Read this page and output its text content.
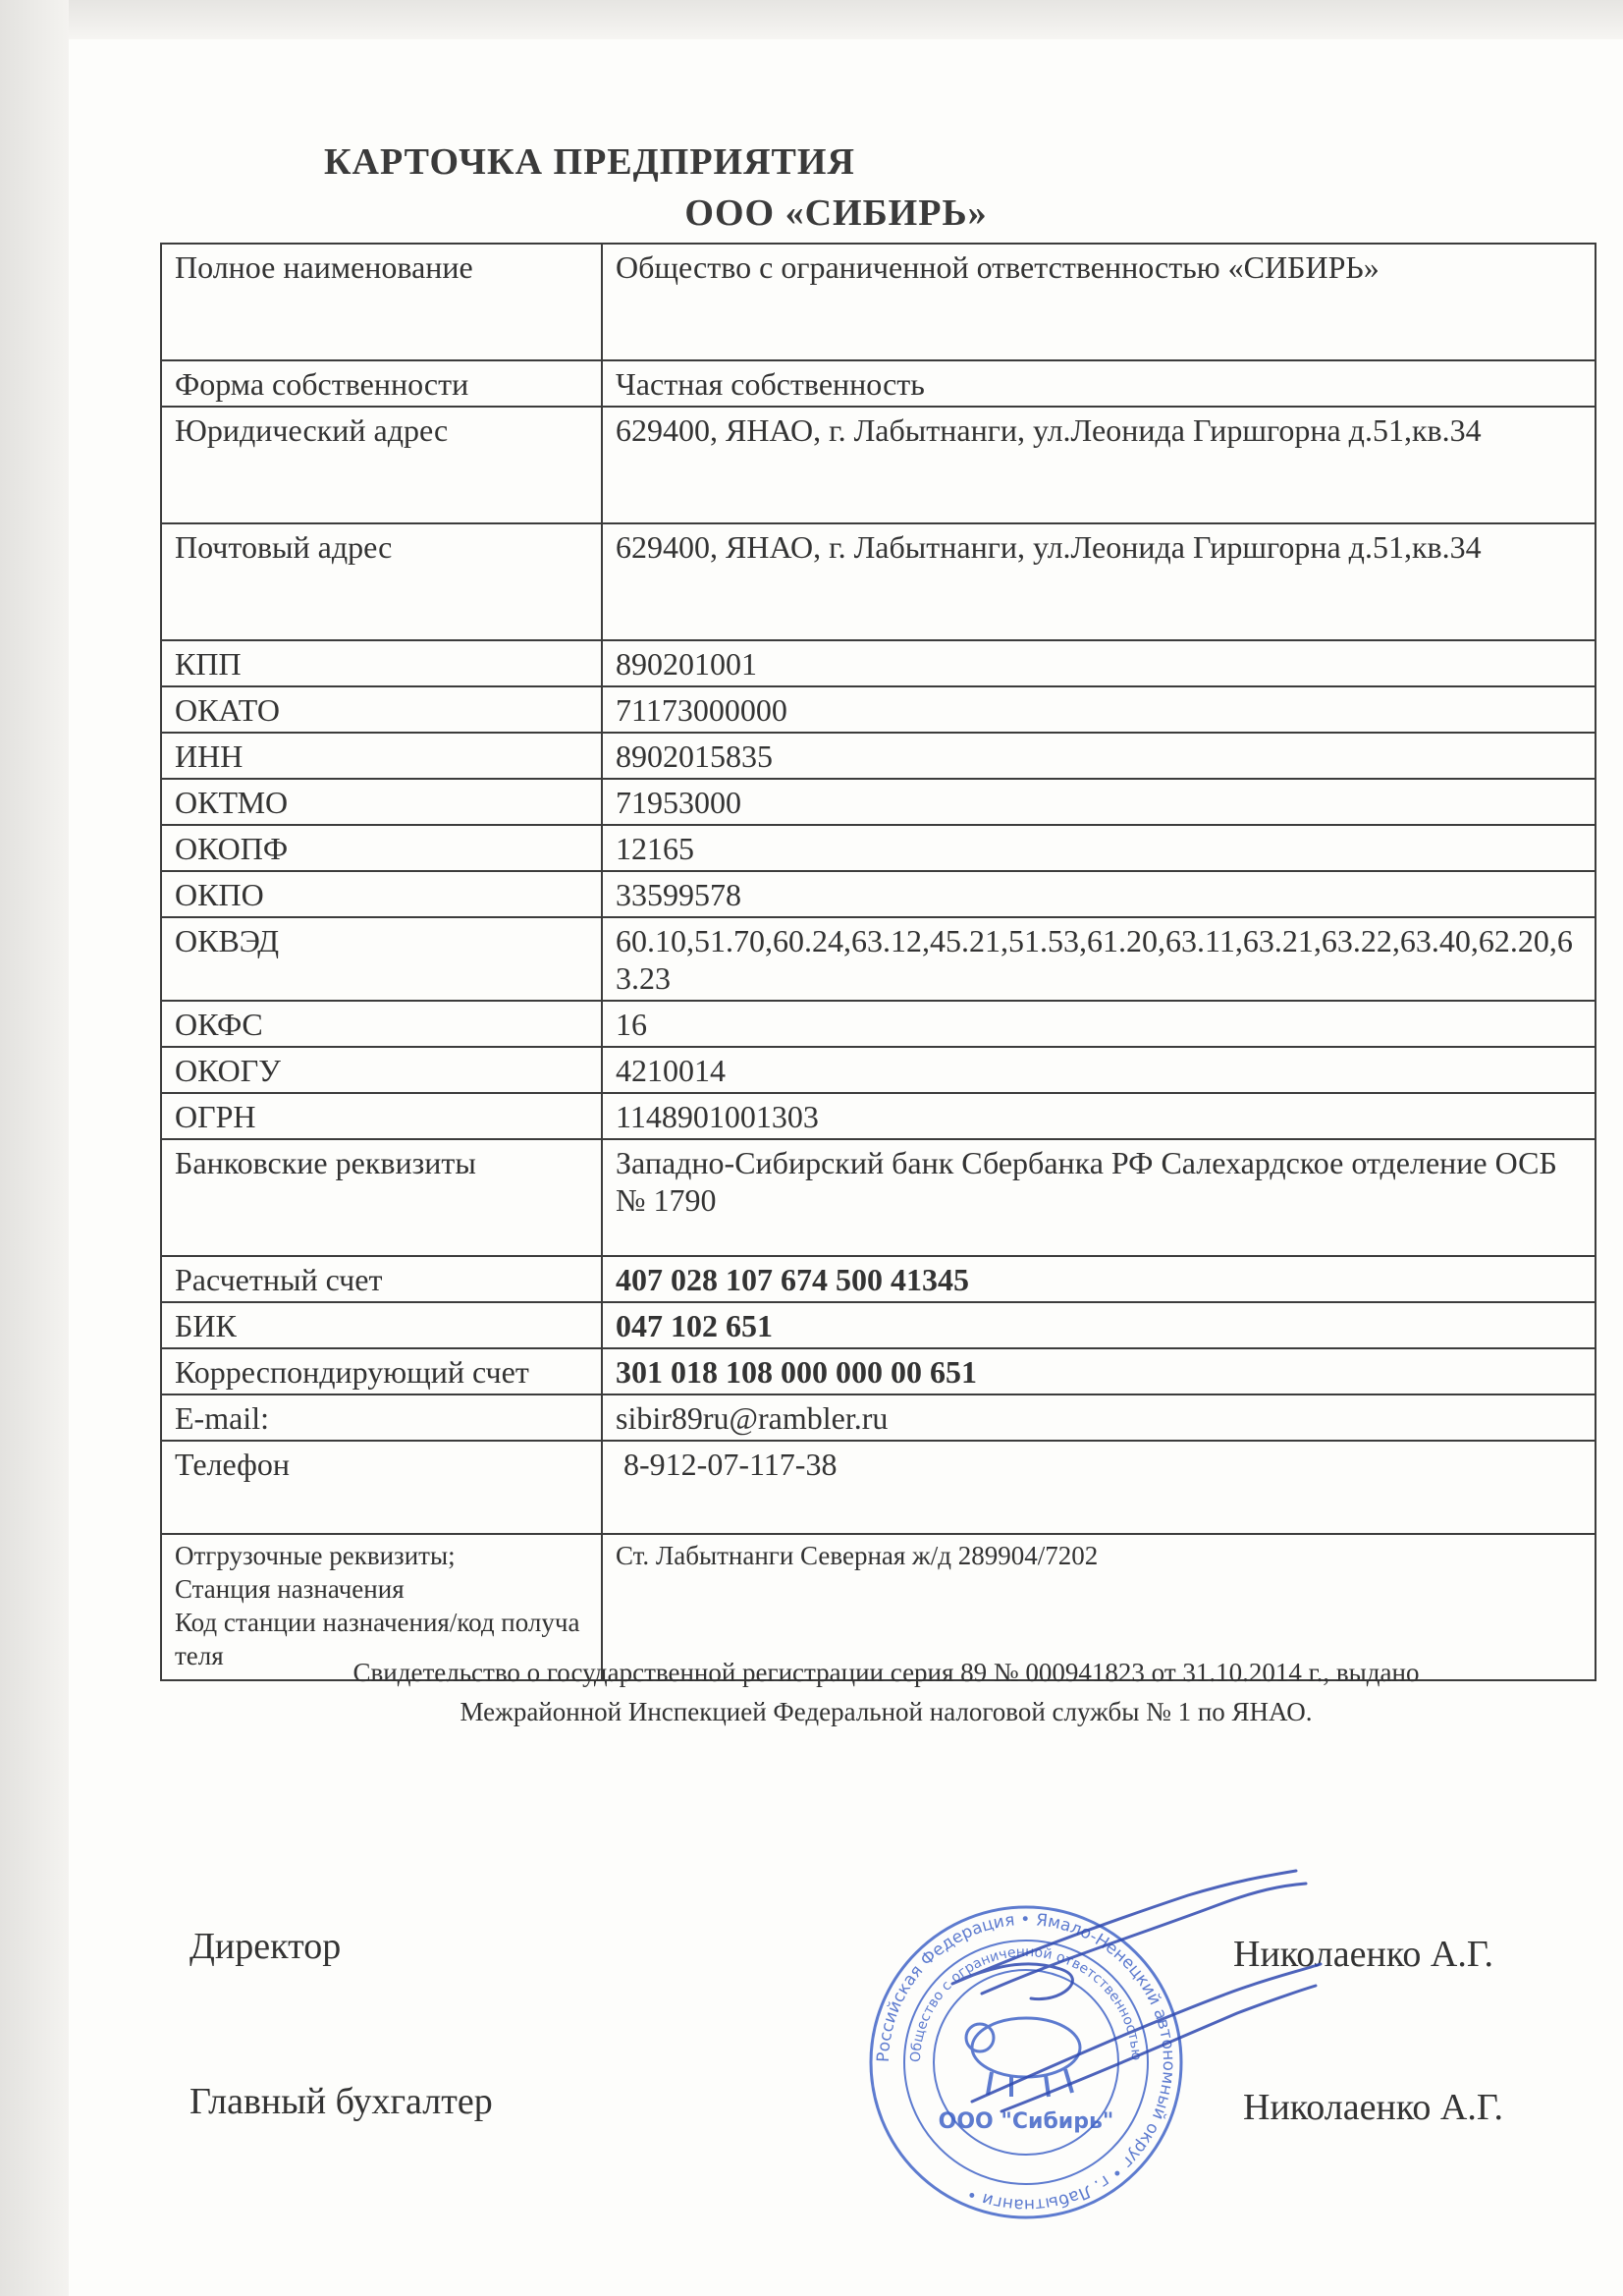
КАРТОЧКА ПРЕДПРИЯТИЯ
ООО «СИБИРЬ»
Полное наименование	Общество с ограниченной ответственностью «СИБИРЬ»
Форма собственности	Частная собственность
Юридический адрес	629400, ЯНАО, г. Лабытнанги, ул.Леонида Гиршгорна д.51,кв.34
Почтовый адрес	629400, ЯНАО, г. Лабытнанги, ул.Леонида Гиршгорна д.51,кв.34
КПП	890201001
ОКАТО	71173000000
ИНН	8902015835
ОКТМО	71953000
ОКОПФ	12165
ОКПО	33599578
ОКВЭД	60.10,51.70,60.24,63.12,45.21,51.53,61.20,63.11,63.21,63.22,63.40,62.20,63.23
ОКФС	16
ОКОГУ	4210014
ОГРН	1148901001303
Банковские реквизиты	Западно-Сибирский банк Сбербанка РФ Салехардское отделение ОСБ № 1790
Расчетный счет	407 028 107 674 500 41345
БИК	047 102 651
Корреспондирующий счет	301 018 108 000 000 00 651
E-mail:	sibir89ru@rambler.ru
Телефон	8-912-07-117-38
Отгрузочные реквизиты;
Станция назначения
Код станции назначения/код получателя	Ст. Лабытнанги Северная ж/д 289904/7202
Свидетельство о государственной регистрации серия 89 № 000941823 от 31.10.2014 г., выдано
Межрайонной Инспекцией Федеральной налоговой службы № 1 по ЯНАО.
Директор	Николаенко А.Г.
Главный бухгалтер	Николаенко А.Г.
Российская Федерация • Ямало-Ненецкий автономный округ • г. Лабытнанги •
Общество с ограниченной ответственностью
ООО "Сибирь"
